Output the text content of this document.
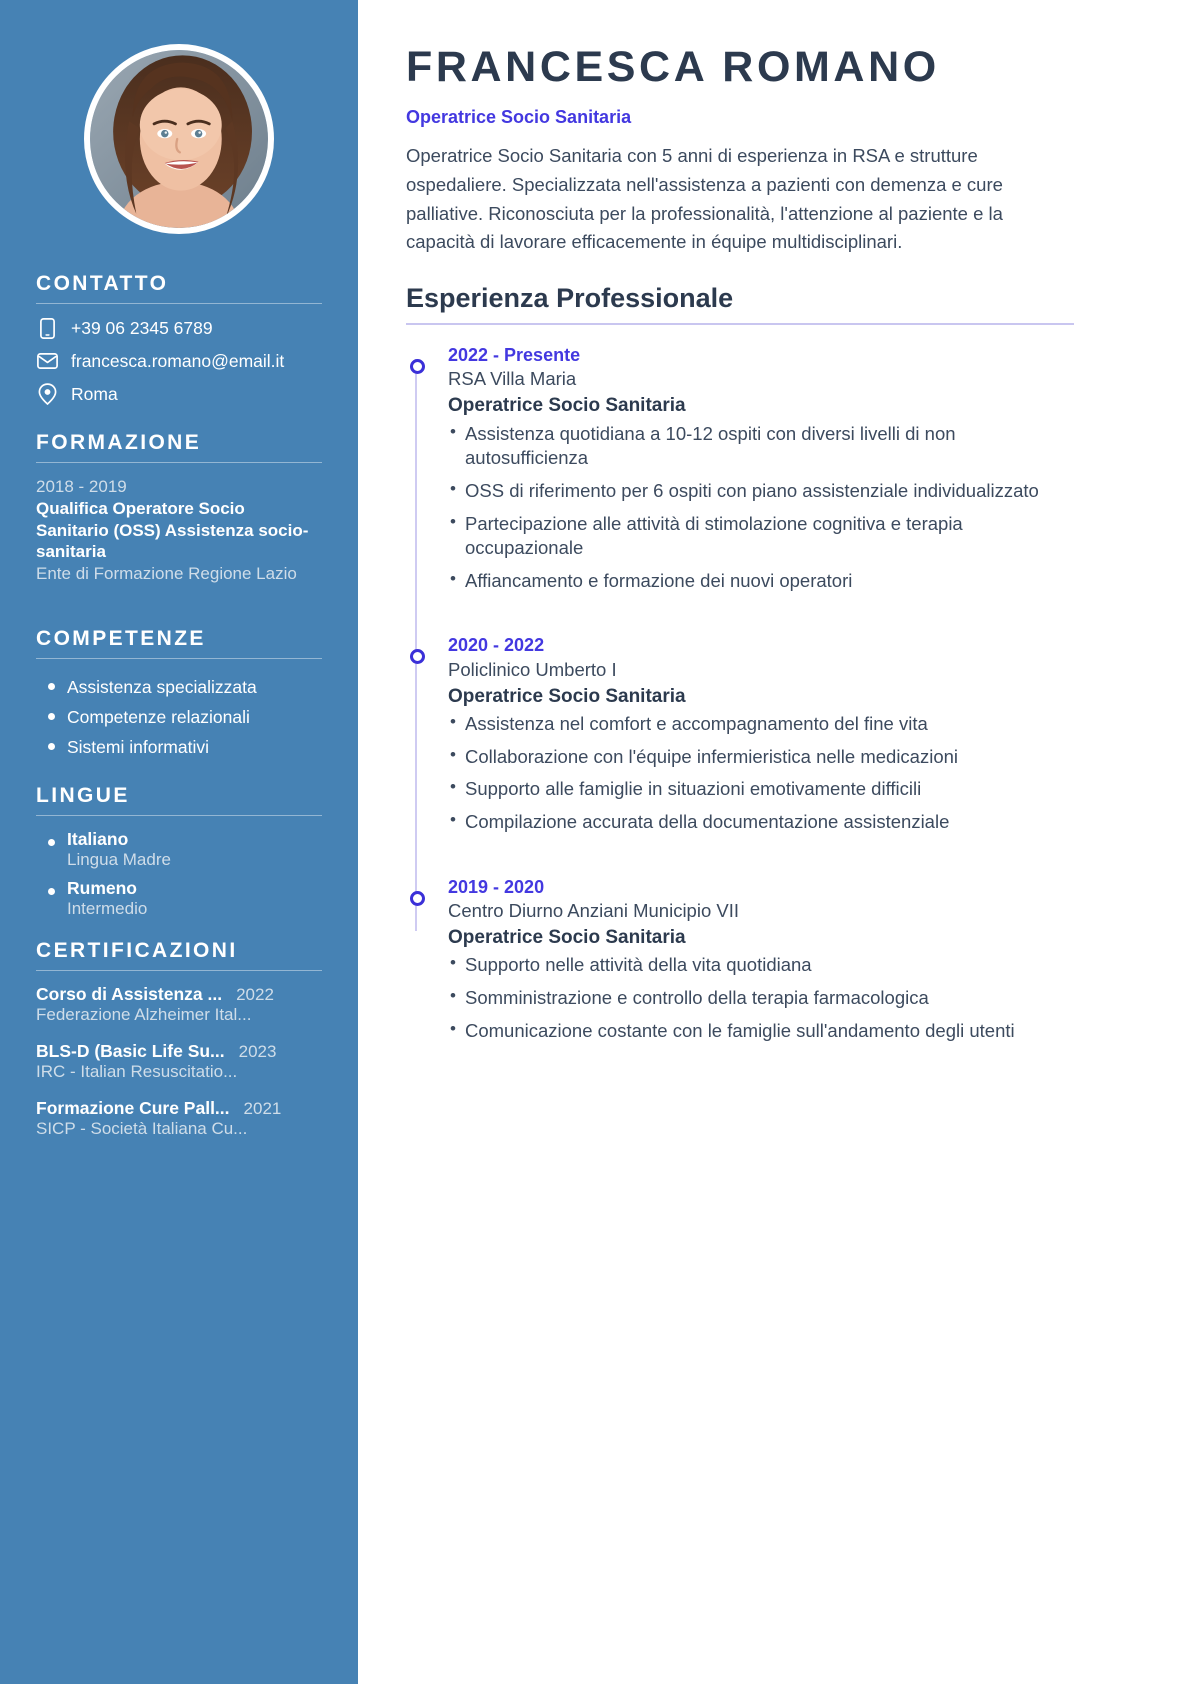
CONTATTO
+39 06 2345 6789
francesca.romano@email.it
Roma
FORMAZIONE
2018 - 2019
Qualifica Operatore Socio Sanitario (OSS) Assistenza socio-sanitaria
Ente di Formazione Regione Lazio
COMPETENZE
Assistenza specializzata
Competenze relazionali
Sistemi informativi
LINGUE
Italiano
Lingua Madre
Rumeno
Intermedio
CERTIFICAZIONI
Corso di Assistenza ... 2022
Federazione Alzheimer Ital...
BLS-D (Basic Life Su... 2023
IRC - Italian Resuscitatio...
Formazione Cure Pall... 2021
SICP - Società Italiana Cu...
FRANCESCA ROMANO
Operatrice Socio Sanitaria

Operatrice Socio Sanitaria con 5 anni di esperienza in RSA e strutture ospedaliere. Specializzata nell'assistenza a pazienti con demenza e cure palliative. Riconosciuta per la professionalità, l'attenzione al paziente e la capacità di lavorare efficacemente in équipe multidisciplinari.

Esperienza Professionale
2022 - Presente
RSA Villa Maria
Operatrice Socio Sanitaria
• Assistenza quotidiana a 10-12 ospiti con diversi livelli di non autosufficienza
• OSS di riferimento per 6 ospiti con piano assistenziale individualizzato
• Partecipazione alle attività di stimolazione cognitiva e terapia occupazionale
• Affiancamento e formazione dei nuovi operatori
2020 - 2022
Policlinico Umberto I
Operatrice Socio Sanitaria
• Assistenza nel comfort e accompagnamento del fine vita
• Collaborazione con l'équipe infermieristica nelle medicazioni
• Supporto alle famiglie in situazioni emotivamente difficili
• Compilazione accurata della documentazione assistenziale
2019 - 2020
Centro Diurno Anziani Municipio VII
Operatrice Socio Sanitaria
• Supporto nelle attività della vita quotidiana
• Somministrazione e controllo della terapia farmacologica
• Comunicazione costante con le famiglie sull'andamento degli utenti
